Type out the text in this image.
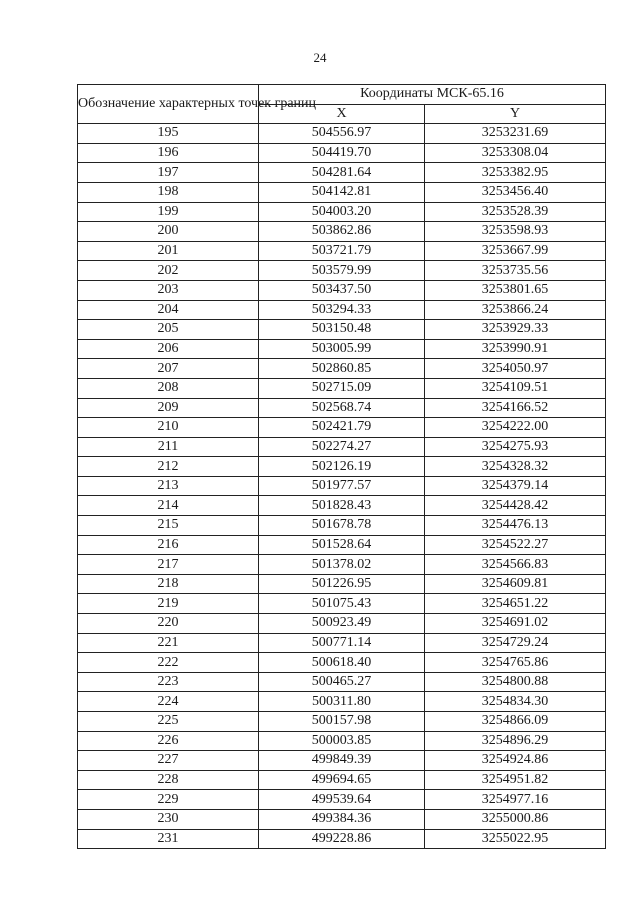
24
Обозначение характерных точек границ	Координаты МСК-65.16	
	X	Y
195	504556.97	3253231.69
196	504419.70	3253308.04
197	504281.64	3253382.95
198	504142.81	3253456.40
199	504003.20	3253528.39
200	503862.86	3253598.93
201	503721.79	3253667.99
202	503579.99	3253735.56
203	503437.50	3253801.65
204	503294.33	3253866.24
205	503150.48	3253929.33
206	503005.99	3253990.91
207	502860.85	3254050.97
208	502715.09	3254109.51
209	502568.74	3254166.52
210	502421.79	3254222.00
211	502274.27	3254275.93
212	502126.19	3254328.32
213	501977.57	3254379.14
214	501828.43	3254428.42
215	501678.78	3254476.13
216	501528.64	3254522.27
217	501378.02	3254566.83
218	501226.95	3254609.81
219	501075.43	3254651.22
220	500923.49	3254691.02
221	500771.14	3254729.24
222	500618.40	3254765.86
223	500465.27	3254800.88
224	500311.80	3254834.30
225	500157.98	3254866.09
226	500003.85	3254896.29
227	499849.39	3254924.86
228	499694.65	3254951.82
229	499539.64	3254977.16
230	499384.36	3255000.86
231	499228.86	3255022.95
